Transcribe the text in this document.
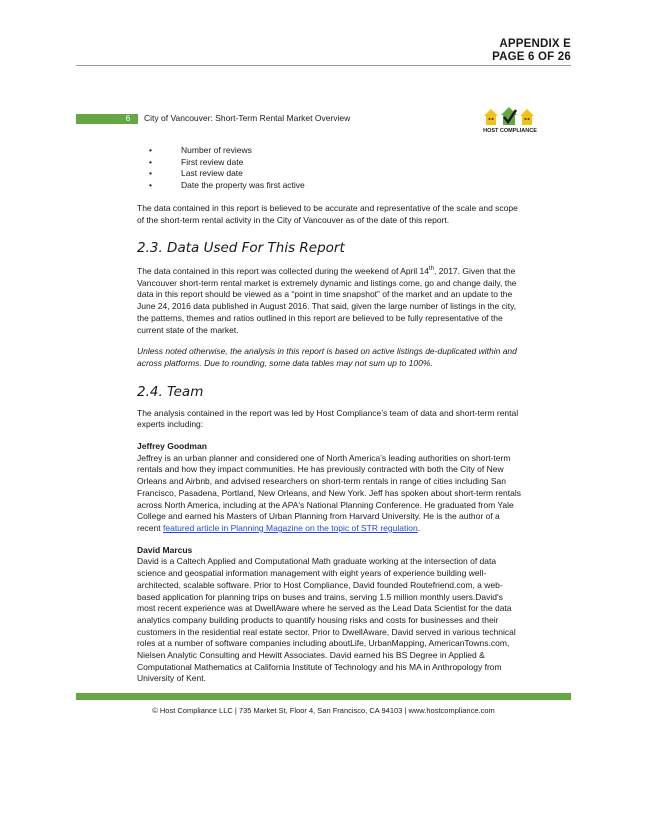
APPENDIX E
PAGE 6 OF 26
6	City of Vancouver: Short-Term Rental Market Overview
HOST COMPLIANCE
•	Number of reviews
•	First review date
•	Last review date
•	Date the property was first active

The data contained in this report is believed to be accurate and representative of the scale and scope of the short-term rental activity in the City of Vancouver as of the date of this report.

2.3. Data Used For This Report

The data contained in this report was collected during the weekend of April 14th, 2017. Given that the Vancouver short-term rental market is extremely dynamic and listings come, go and change daily, the data in this report should be viewed as a “point in time snapshot” of the market and an update to the June 24, 2016 data published in August 2016. That said, given the large number of listings in the city, the patterns, themes and ratios outlined in this report are believed to be fully representative of the current state of the market.

Unless noted otherwise, the analysis in this report is based on active listings de-duplicated within and across platforms. Due to rounding, some data tables may not sum up to 100%.

2.4. Team

The analysis contained in the report was led by Host Compliance’s team of data and short-term rental experts including:

Jeffrey Goodman

Jeffrey is an urban planner and considered one of North America’s leading authorities on short-term rentals and how they impact communities. He has previously contracted with both the City of New Orleans and Airbnb, and advised researchers on short-term rentals in range of cities including San Francisco, Pasadena, Portland, New Orleans, and New York. Jeff has spoken about short-term rentals across North America, including at the APA's National Planning Conference. He graduated from Yale College and earned his Masters of Urban Planning from Harvard University. He is the author of a recent featured article in Planning Magazine on the topic of STR regulation.

David Marcus

David is a Caltech Applied and Computational Math graduate working at the intersection of data science and geospatial information management with eight years of experience building well-architected, scalable software. Prior to Host Compliance, David founded Routefriend.com, a web-based application for planning trips on buses and trains, serving 1.5 million monthly users.David's most recent experience was at DwellAware where he served as the Lead Data Scientist for the data analytics company building products to quantify housing risks and costs for businesses and their customers in the residential real estate sector. Prior to DwellAware, David served in various technical roles at a number of software companies including aboutLife, UrbanMapping, AmericanTowns.com, Nielsen Analytic Consulting and Hewitt Associates. David earned his BS Degree in Applied & Computational Mathematics at California Institute of Technology and his MA in Anthropology from University of Kent.

© Host Compliance LLC | 735 Market St, Floor 4, San Francisco, CA 94103 | www.hostcompliance.com
